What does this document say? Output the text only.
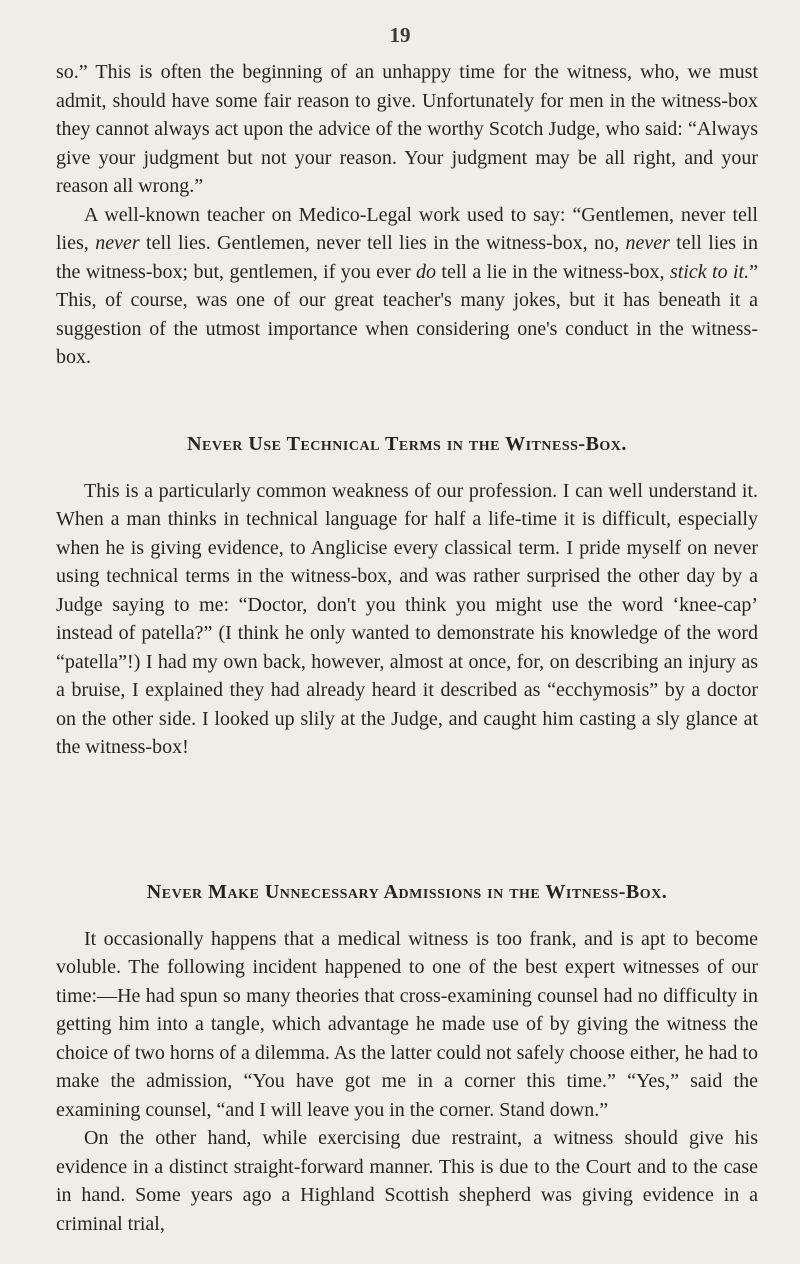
19

so.” This is often the beginning of an unhappy time for the witness, who, we must admit, should have some fair reason to give. Unfortunately for men in the witness-box they cannot always act upon the advice of the worthy Scotch Judge, who said: “Always give your judgment but not your reason. Your judgment may be all right, and your reason all wrong.”

A well-known teacher on Medico-Legal work used to say: “Gentlemen, never tell lies, never tell lies. Gentlemen, never tell lies in the witness-box, no, never tell lies in the witness-box; but, gentlemen, if you ever do tell a lie in the witness-box, stick to it.” This, of course, was one of our great teacher's many jokes, but it has beneath it a suggestion of the utmost importance when considering one's conduct in the witness-box.

Never Use Technical Terms in the Witness-Box.

This is a particularly common weakness of our profession. I can well understand it. When a man thinks in technical language for half a life-time it is difficult, especially when he is giving evidence, to Anglicise every classical term. I pride myself on never using technical terms in the witness-box, and was rather surprised the other day by a Judge saying to me: “Doctor, don't you think you might use the word ‘knee-cap’ instead of patella?” (I think he only wanted to demonstrate his knowledge of the word “patella”!) I had my own back, however, almost at once, for, on describing an injury as a bruise, I explained they had already heard it described as “ecchymosis” by a doctor on the other side. I looked up slily at the Judge, and caught him casting a sly glance at the witness-box!

Never Make Unnecessary Admissions in the Witness-Box.

It occasionally happens that a medical witness is too frank, and is apt to become voluble. The following incident happened to one of the best expert witnesses of our time:—He had spun so many theories that cross-examining counsel had no difficulty in getting him into a tangle, which advantage he made use of by giving the witness the choice of two horns of a dilemma. As the latter could not safely choose either, he had to make the admission, “You have got me in a corner this time.” “Yes,” said the examining counsel, “and I will leave you in the corner. Stand down.”

On the other hand, while exercising due restraint, a witness should give his evidence in a distinct straight-forward manner. This is due to the Court and to the case in hand. Some years ago a Highland Scottish shepherd was giving evidence in a criminal trial,
